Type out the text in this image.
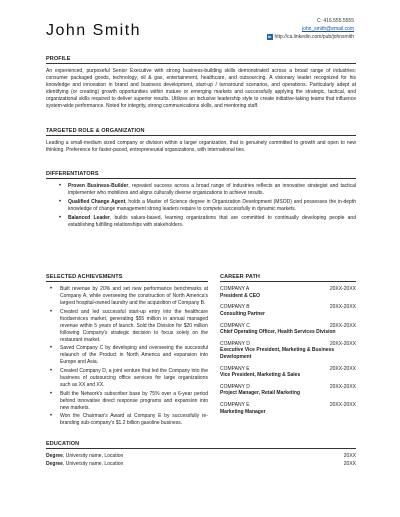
John Smith
C: 416.555.5555
john_smith@email.com
in http://ca.linkedin.com/pub/johnsmith
PROFILE

An experienced, purposeful Senior Executive with strong business-building skills demonstrated across a broad range of industries: consumer packaged goods, technology, oil & gas, entertainment, healthcare, and outsourcing. A visionary leader recognized for his knowledge and innovation in brand and business development, start-up / turnaround scenarios, and operations. Particularly adept at identifying (or creating) growth opportunities within mature or emerging markets and successfully applying the strategic, tactical, and organizational skills required to deliver superior results. Utilizes an inclusive leadership style to create initiative-taking teams that influence system-wide performance. Noted for integrity, strong communications skills, and mentoring staff.

TARGETED ROLE & ORGANIZATION

Leading a small-medium sized company or division within a larger organization, that is genuinely committed to growth and open to new thinking. Preference for faster-paced, entrepreneurial organizations, with international ties.

DIFFERENTIATORS
• Proven Business-Builder, repeated success across a broad range of industries reflects an innovative strategist and tactical implementer who mobilizes and aligns culturally diverse organizations to achieve results.
• Qualified Change Agent, holds a Master of Science degree in Organization Development (MSOD) and possesses the in-depth knowledge of change management strong leaders require to compete successfully in dynamic markets.
• Balanced Leader, builds values-based, learning organizations that are committed to continually developing people and establishing fulfilling relationships with stakeholders.
SELECTED ACHIEVEMENTS
• Built revenue by 20% and set new performance benchmarks at Company A, while overseeing the construction of North America's largest hospital-owned laundry and the acquisition of Company B.
• Created and led successful start-up entry into the healthcare foodservices market, generating $55 million in annual managed revenue within 5 years of launch. Sold the Division for $20 million following Company's strategic decision to focus solely on the restaurant market.
• Saved Company C by developing and overseeing the successful relaunch of the Product in North America and expansion into Europe and Asia.
• Created Company D, a joint venture that led the Company into the business of outsourcing office services for large organizations such as XX and XX.
• Built the Network's subscriber base by 75% over a 6-year period behind innovative direct response programs and expansion into new markets.
• Won the Chairman's Award at Company E by successfully re-branding sub-company's $1.2 billion gasoline business.
CAREER PATH
COMPANY A	20XX-20XX
President & CEO
COMPANY B	20XX-20XX
Consulting Partner
COMPANY C	20XX-20XX
Chief Operating Officer, Health Services Division
COMPANY D	20XX-20XX
Executive Vice President, Marketing & Business Development
COMPANY E	20XX-20XX
Vice President, Marketing & Sales
COMPANY D	20XX-20XX
Project Manager, Retail Marketing
COMPANY E	20XX-20XX
Marketing Manager
EDUCATION
Degree, University name, Location	20XX
Degree, University name, Location	20XX
